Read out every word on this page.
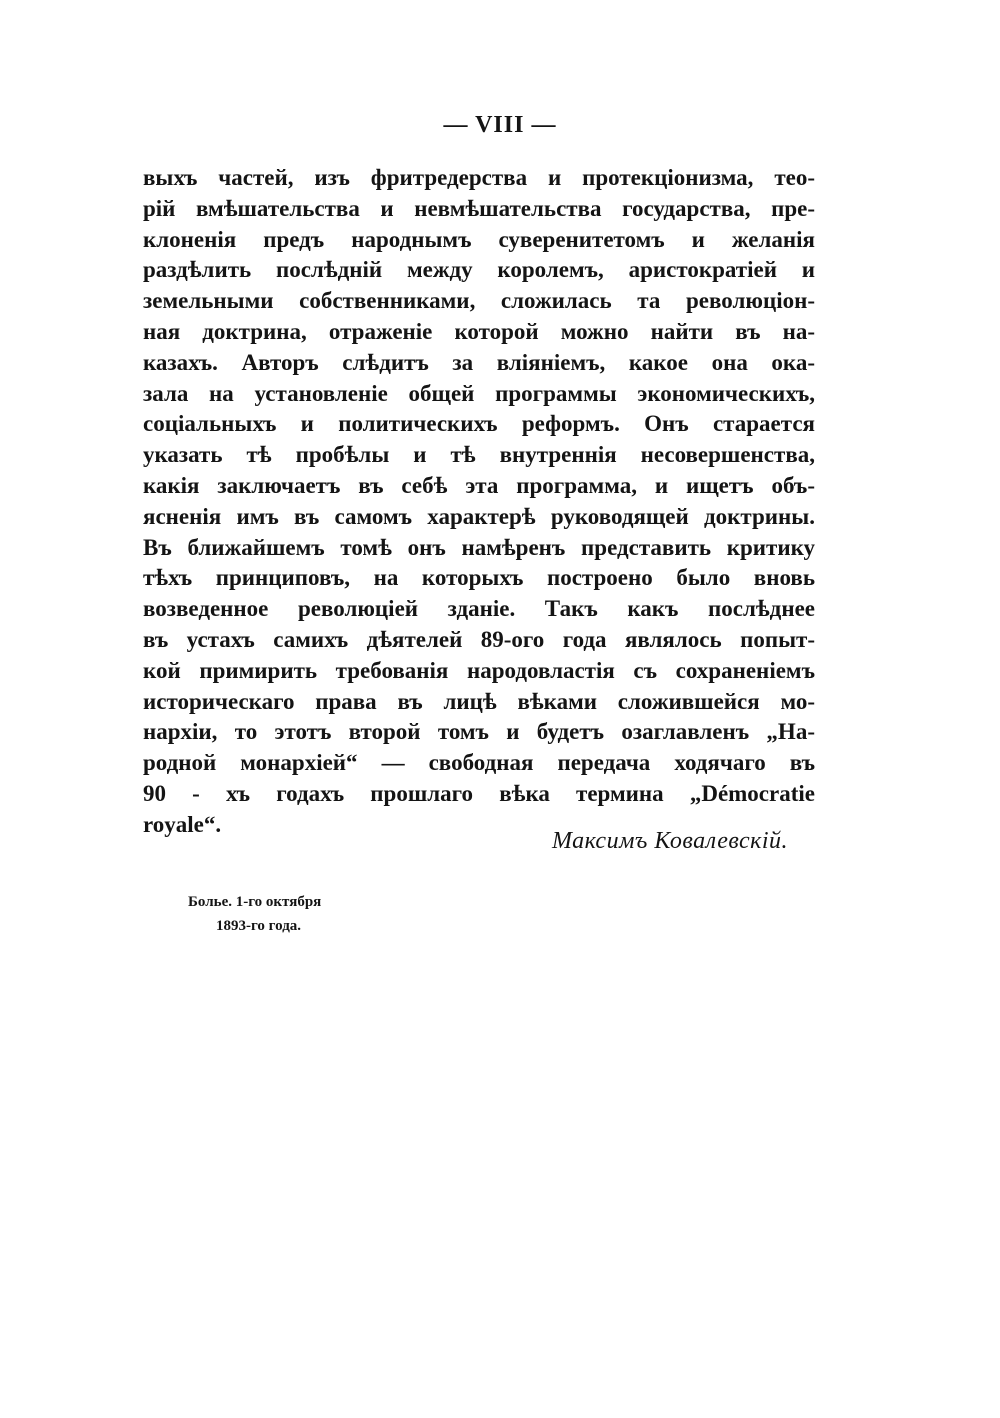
— VIII —
выхъ частей, изъ фритредерства и протекціонизма, тео-
рій вмѣшательства и невмѣшательства государства, пре-
клоненія предъ народнымъ суверенитетомъ и желанія
раздѣлить послѣдній между королемъ, аристократіей и
земельными собственниками, сложилась та революціон-
ная доктрина, отраженіе которой можно найти въ на-
казахъ. Авторъ слѣдитъ за вліяніемъ, какое она ока-
зала на установленіе общей программы экономическихъ,
соціальныхъ и политическихъ реформъ. Онъ старается
указать тѣ пробѣлы и тѣ внутреннія несовершенства,
какія заключаетъ въ себѣ эта программа, и ищетъ объ-
ясненія имъ въ самомъ характерѣ руководящей доктрины.
Въ ближайшемъ томѣ онъ намѣренъ представить критику
тѣхъ принциповъ, на которыхъ построено было вновь
возведенное революціей зданіе. Такъ какъ послѣднее
въ устахъ самихъ дѣятелей 89-ого года являлось попыт-
кой примирить требованія народовластія съ сохраненіемъ
историческаго права въ лицѣ вѣками сложившейся мо-
нархіи, то этотъ второй томъ и будетъ озаглавленъ „На-
родной монархіей“ — свободная передача ходячаго въ
90 - хъ годахъ прошлаго вѣка термина „Démocratie
royale“.
Максимъ Ковалевскій.
Болье. 1-го октября
1893-го года.
